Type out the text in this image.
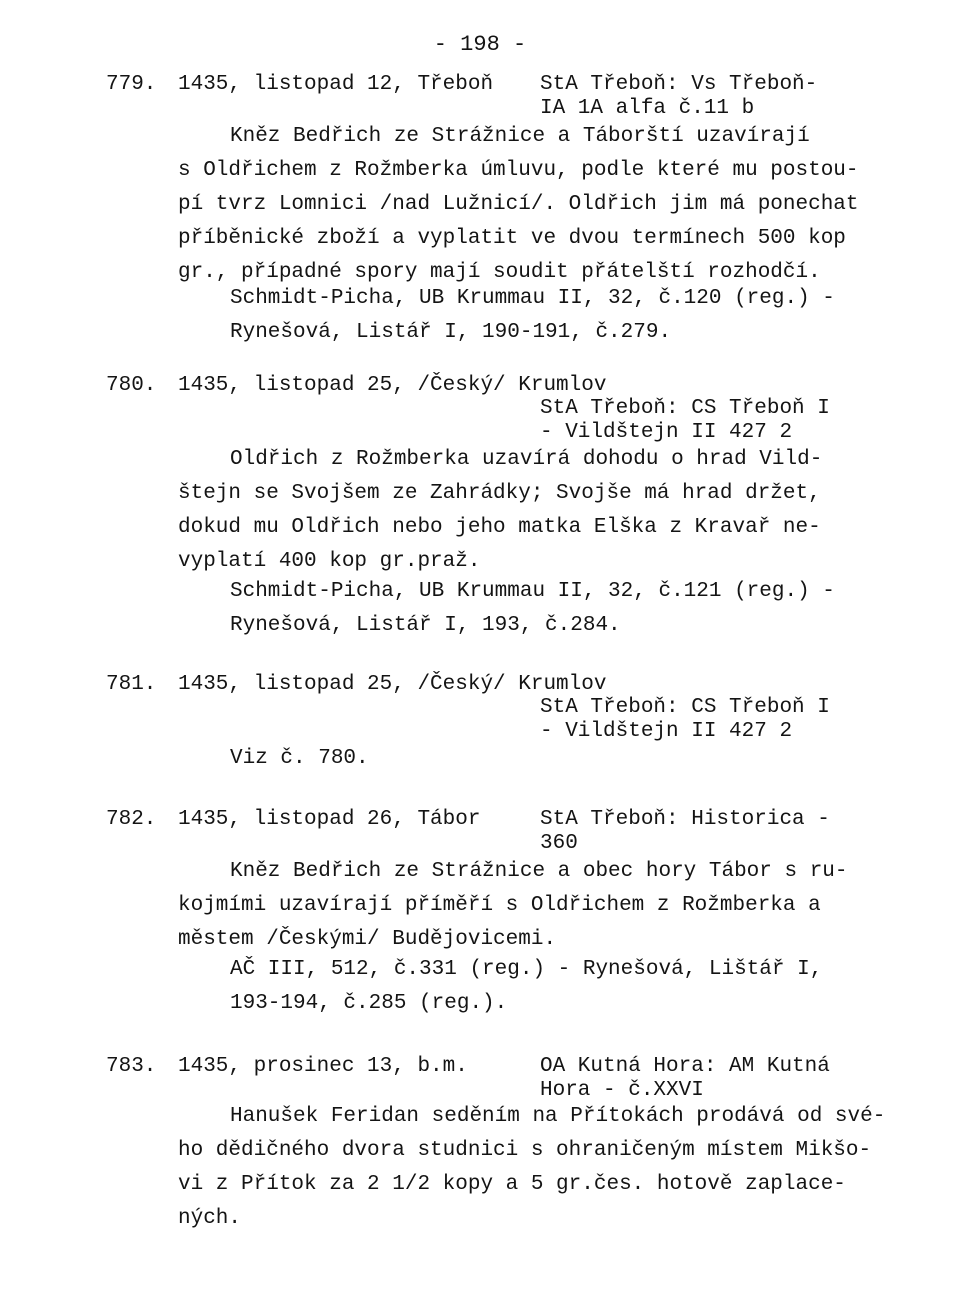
- 198 -
779. 1435, listopad 12, Třeboň StA Třeboň: Vs Třeboň-
IA 1A alfa č.11 b
Kněz Bedřich ze Strážnice a Táborští uzavírají
s Oldřichem z Rožmberka úmluvu, podle které mu postou-
pí tvrz Lomnici /nad Lužnicí/. Oldřich jim má ponechat
příběnické zboží a vyplatit ve dvou termínech 500 kop
gr., případné spory mají soudit přátelští rozhodčí.
Schmidt-Picha, UB Krummau II, 32, č.120 (reg.) -
Rynešová, Listář I, 190-191, č.279.
780. 1435, listopad 25, /Český/ Krumlov
StA Třeboň: CS Třeboň I
- Vildštejn II 427 2
Oldřich z Rožmberka uzavírá dohodu o hrad Vild-
štejn se Svojšem ze Zahrádky; Svojše má hrad držet,
dokud mu Oldřich nebo jeho matka Elška z Kravař ne-
vyplatí 400 kop gr.praž.
Schmidt-Picha, UB Krummau II, 32, č.121 (reg.) -
Rynešová, Listář I, 193, č.284.
781. 1435, listopad 25, /Český/ Krumlov
StA Třeboň: CS Třeboň I
- Vildštejn II 427 2
Viz č. 780.
782. 1435, listopad 26, Tábor	StA Třeboň: Historica -
360
Kněz Bedřich ze Strážnice a obec hory Tábor s ru-
kojmími uzavírají příměří s Oldřichem z Rožmberka a
městem /Českými/ Budějovicemi.
AČ III, 512, č.331 (reg.) - Rynešová, Lištář I,
193-194, č.285 (reg.).
783. 1435, prosinec 13, b.m.	OA Kutná Hora: AM Kutná
Hora - č.XXVI
Hanušek Feridan seděním na Přítokách prodává od své-
ho dědičného dvora studnici s ohraničeným místem Mikšo-
vi z Přítok za 2 1/2 kopy a 5 gr.čes. hotově zaplace-
ných.
